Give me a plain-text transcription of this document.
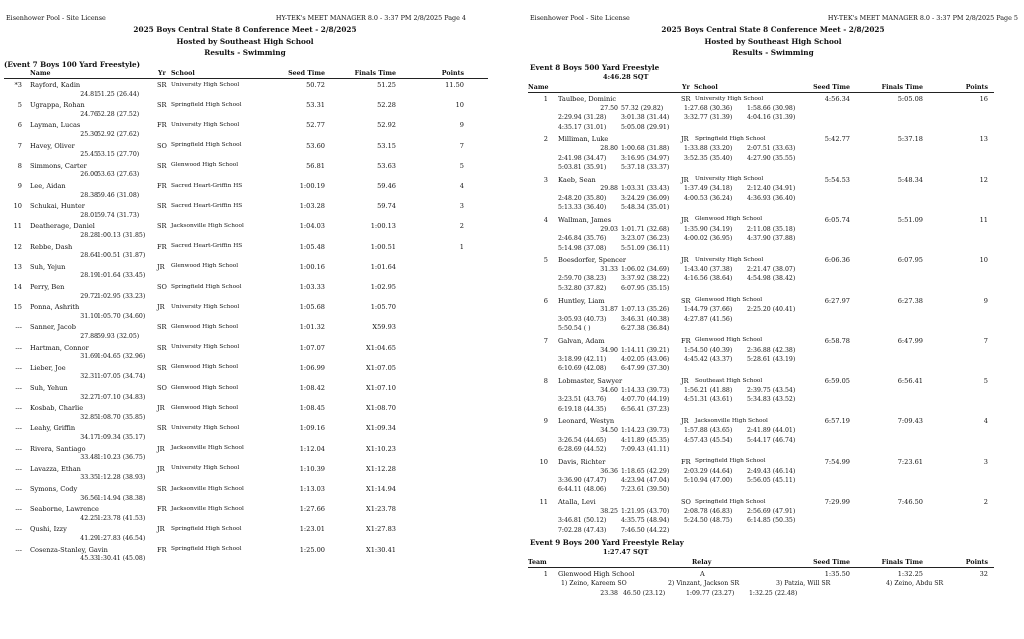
Eisenhower Pool - Site License	HY-TEK's MEET MANAGER 8.0 - 3:37 PM 2/8/2025 Page 4
2025 Boys Central State 8 Conference Meet - 2/8/2025
Hosted by Southeast High School
Results - Swimming
(Event 7 Boys 100 Yard Freestyle)
Name	Yr School	Seed Time	Finals Time	Points
*3 Rayford, Kadin	SR University High School	50.72	51.25	11.50
24.81 51.25 (26.44)
5 Ugrappa, Rohan	SR Springfield High School	53.31	52.28	10
24.76 52.28 (27.52)
6 Layman, Lucas	FR University High School	52.77	52.92	9
25.30 52.92 (27.62)
7 Havey, Oliver	SO Springfield High School	53.60	53.15	7
25.45 53.15 (27.70)
8 Simmons, Carter	SR Glenwood High School	56.81	53.63	5
26.00 53.63 (27.63)
9 Lee, Aidan	FR Sacred Heart-Griffin HS	1:00.19	59.46	4
28.38 59.46 (31.08)
10 Schukai, Hunter	SR Sacred Heart-Griffin HS	1:03.28	59.74	3
28.01 59.74 (31.73)
11 Deatherage, Daniel	SR Jacksonville High School	1:04.03	1:00.13	2
28.28 1:00.13 (31.85)
12 Rebbe, Dash	FR Sacred Heart-Griffin HS	1:05.48	1:00.51	1
28.64 1:00.51 (31.87)
13 Suh, Yejun	JR Glenwood High School	1:00.16	1:01.64
28.19 1:01.64 (33.45)
14 Perry, Ben	SO Springfield High School	1:03.33	1:02.95
29.72 1:02.95 (33.23)
15 Ponna, Ashrith	JR University High School	1:05.68	1:05.70
31.10 1:05.70 (34.60)
--- Sanner, Jacob	SR Glenwood High School	1:01.32	X59.93
27.88 59.93 (32.05)
--- Hartman, Connor	SR University High School	1:07.07	X1:04.65
31.69 1:04.65 (32.96)
--- Lieber, Joe	SR Glenwood High School	1:06.99	X1:07.05
32.31 1:07.05 (34.74)
--- Suh, Yehun	SO Glenwood High School	1:08.42	X1:07.10
32.27 1:07.10 (34.83)
--- Kosbab, Charlie	JR Glenwood High School	1:08.45	X1:08.70
32.85 1:08.70 (35.85)
--- Leahy, Griffin	SR University High School	1:09.16	X1:09.34
34.17 1:09.34 (35.17)
--- Rivera, Santiago	JR Jacksonville High School	1:12.04	X1:10.23
33.48 1:10.23 (36.75)
--- Lavazza, Ethan	JR University High School	1:10.39	X1:12.28
33.35 1:12.28 (38.93)
--- Symons, Cody	SR Jacksonville High School	1:13.03	X1:14.94
36.56 1:14.94 (38.38)
--- Seaborne, Lawrence	FR Jacksonville High School	1:27.66	X1:23.78
42.25 1:23.78 (41.53)
--- Qushi, Izzy	JR Springfield High School	1:23.01	X1:27.83
41.29 1:27.83 (46.54)
--- Cosenza-Stanley, Gavin	FR Springfield High School	1:25.00	X1:30.41
45.33 1:30.41 (45.08)
Eisenhower Pool - Site License	HY-TEK's MEET MANAGER 8.0 - 3:37 PM 2/8/2025 Page 5
2025 Boys Central State 8 Conference Meet - 2/8/2025
Hosted by Southeast High School
Results - Swimming
Event 8 Boys 500 Yard Freestyle
4:46.28 SQT
Name	Yr School	Seed Time	Finals Time	Points
1 Taulbee, Dominic	SR University High School	4:56.34	5:05.08	16
27.50 57.32 (29.82)	1:27.68 (30.36) 1:58.66 (30.98)
2:29.94 (31.28) 3:01.38 (31.44) 3:32.77 (31.39) 4:04.16 (31.39)
4:35.17 (31.01) 5:05.08 (29.91)
2 Milliman, Luke	JR Springfield High School	5:42.77	5:37.18	13
28.80 1:00.68 (31.88) 1:33.88 (33.20) 2:07.51 (33.63)
2:41.98 (34.47) 3:16.95 (34.97) 3:52.35 (35.40) 4:27.90 (35.55)
5:03.81 (35.91) 5:37.18 (33.37)
3 Kaeb, Sean	JR University High School	5:54.53	5:48.34	12
29.88 1:03.31 (33.43) 1:37.49 (34.18) 2:12.40 (34.91)
2:48.20 (35.80) 3:24.29 (36.09) 4:00.53 (36.24) 4:36.93 (36.40)
5:13.33 (36.40) 5:48.34 (35.01)
4 Wallman, James	JR Glenwood High School	6:05.74	5:51.09	11
29.03 1:01.71 (32.68) 1:35.90 (34.19) 2:11.08 (35.18)
2:46.84 (35.76) 3:23.07 (36.23) 4:00.02 (36.95) 4:37.90 (37.88)
5:14.98 (37.08) 5:51.09 (36.11)
5 Boesdorfer, Spencer	JR University High School	6:06.36	6:07.95	10
31.33 1:06.02 (34.69) 1:43.40 (37.38) 2:21.47 (38.07)
2:59.70 (38.23) 3:37.92 (38.22) 4:16.56 (38.64) 4:54.98 (38.42)
5:32.80 (37.82) 6:07.95 (35.15)
6 Huntley, Liam	SR Glenwood High School	6:27.97	6:27.38	9
31.87 1:07.13 (35.26) 1:44.79 (37.66) 2:25.20 (40.41)
3:05.93 (40.73) 3:46.31 (40.38) 4:27.87 (41.56)
5:50.54 ( )	6:27.38 (36.84)
7 Galvan, Adam	FR Glenwood High School	6:58.78	6:47.99	7
34.90 1:14.11 (39.21) 1:54.50 (40.39) 2:36.88 (42.38)
3:18.99 (42.11) 4:02.05 (43.06) 4:45.42 (43.37) 5:28.61 (43.19)
6:10.69 (42.08) 6:47.99 (37.30)
8 Lobmaster, Sawyer	JR Southeast High School	6:59.05	6:56.41	5
34.60 1:14.33 (39.73) 1:56.21 (41.88) 2:39.75 (43.54)
3:23.51 (43.76) 4:07.70 (44.19) 4:51.31 (43.61) 5:34.83 (43.52)
6:19.18 (44.35) 6:56.41 (37.23)
9 Leonard, Westyn	JR Jacksonville High School	6:57.19	7:09.43	4
34.50 1:14.23 (39.73) 1:57.88 (43.65) 2:41.89 (44.01)
3:26.54 (44.65) 4:11.89 (45.35) 4:57.43 (45.54) 5:44.17 (46.74)
6:28.69 (44.52) 7:09.43 (41.11)
10 Davis, Richter	FR Springfield High School	7:54.99	7:23.61	3
36.36 1:18.65 (42.29) 2:03.29 (44.64) 2:49.43 (46.14)
3:36.90 (47.47) 4:23.94 (47.04) 5:10.94 (47.00) 5:56.05 (45.11)
6:44.11 (48.06) 7:23.61 (39.50)
11 Atalla, Levi	SO Springfield High School	7:29.99	7:46.50	2
38.25 1:21.95 (43.70) 2:08.78 (46.83) 2:56.69 (47.91)
3:46.81 (50.12) 4:35.75 (48.94) 5:24.50 (48.75) 6:14.85 (50.35)
7:02.28 (47.43) 7:46.50 (44.22)
Event 9 Boys 200 Yard Freestyle Relay
1:27.47 SQT
Team	Relay	Seed Time	Finals Time	Points
1 Glenwood High School	A	1:35.50	1:32.25	32
1) Zeino, Kareem SO	2) Vinzant, Jackson SR	3) Patzia, Will SR	4) Zeino, Abdu SR
23.38 46.50 (23.12)	1:09.77 (23.27) 1:32.25 (22.48)
